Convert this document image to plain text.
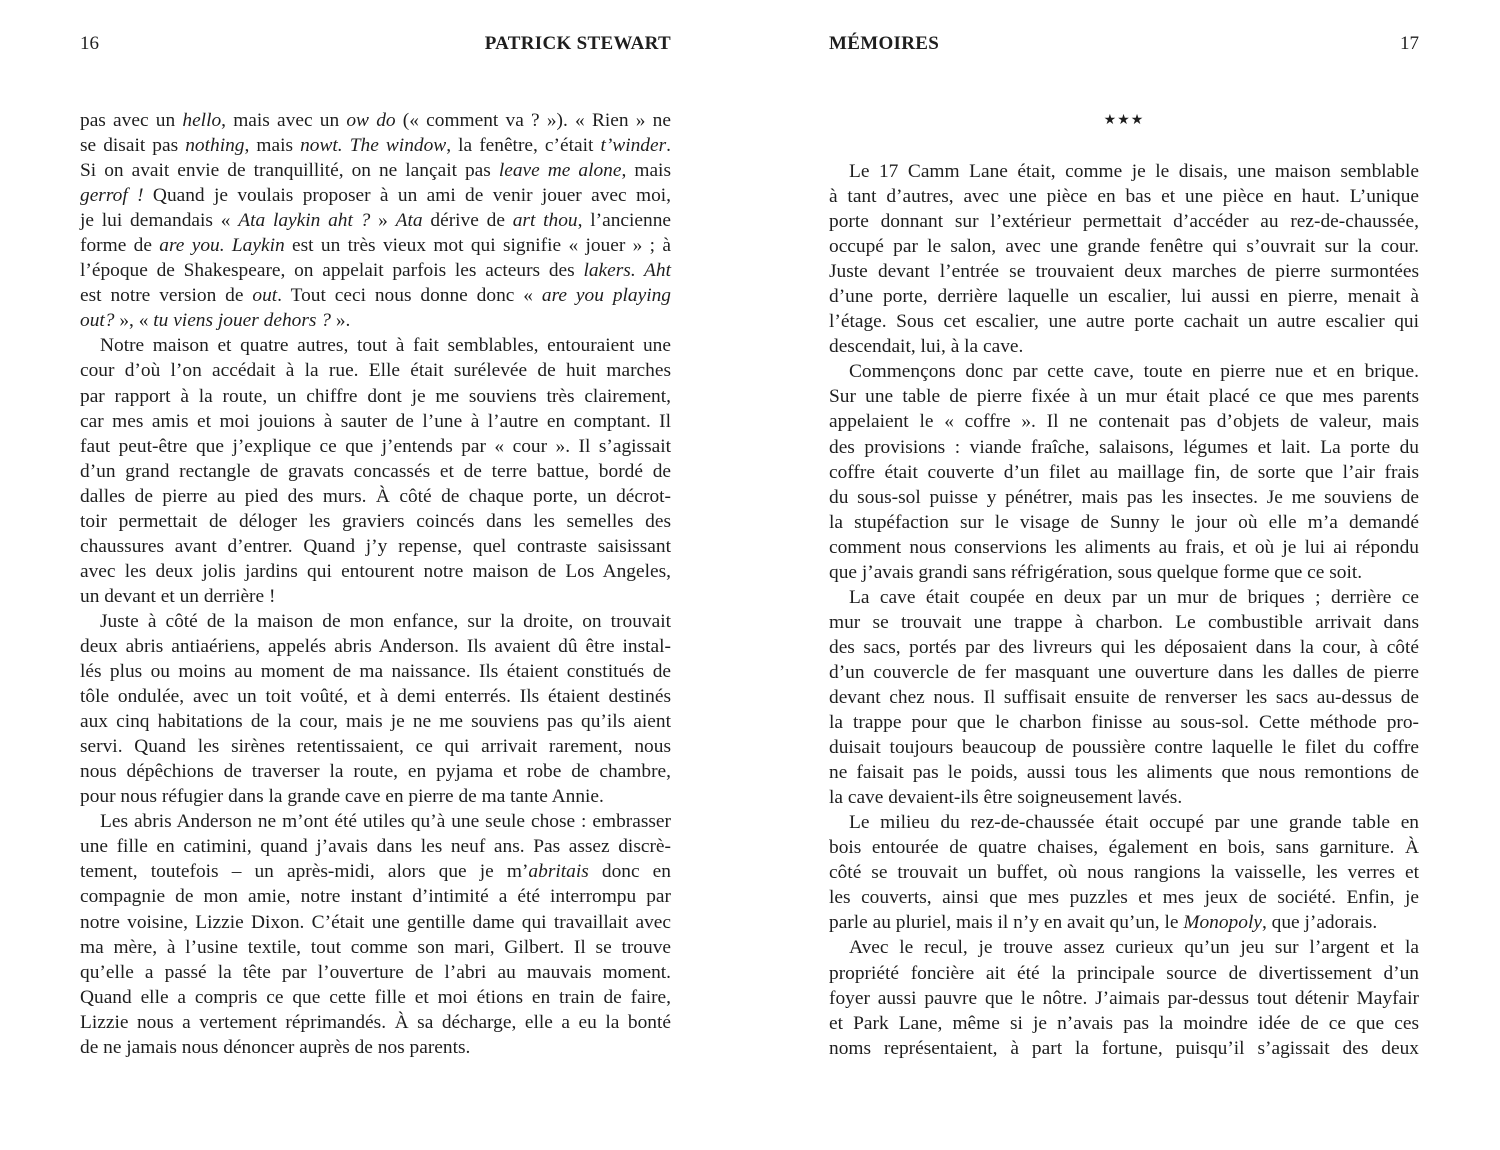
16	PATRICK STEWART
pas avec un hello, mais avec un ow do (« comment va ? »). « Rien » ne
se disait pas nothing, mais nowt. The window, la fenêtre, c’était t’winder.
Si on avait envie de tranquillité, on ne lançait pas leave me alone, mais
gerrof ! Quand je voulais proposer à un ami de venir jouer avec moi,
je lui demandais « Ata laykin aht ? » Ata dérive de art thou, l’ancienne
forme de are you. Laykin est un très vieux mot qui signifie « jouer » ; à
l’époque de Shakespeare, on appelait parfois les acteurs des lakers. Aht
est notre version de out. Tout ceci nous donne donc « are you playing
out? », « tu viens jouer dehors ? ».
Notre maison et quatre autres, tout à fait semblables, entouraient une
cour d’où l’on accédait à la rue. Elle était surélevée de huit marches
par rapport à la route, un chiffre dont je me souviens très clairement,
car mes amis et moi jouions à sauter de l’une à l’autre en comptant. Il
faut peut-être que j’explique ce que j’entends par « cour ». Il s’agissait
d’un grand rectangle de gravats concassés et de terre battue, bordé de
dalles de pierre au pied des murs. À côté de chaque porte, un décrot-
toir permettait de déloger les graviers coincés dans les semelles des
chaussures avant d’entrer. Quand j’y repense, quel contraste saisissant
avec les deux jolis jardins qui entourent notre maison de Los Angeles,
un devant et un derrière !
Juste à côté de la maison de mon enfance, sur la droite, on trouvait
deux abris antiaériens, appelés abris Anderson. Ils avaient dû être instal-
lés plus ou moins au moment de ma naissance. Ils étaient constitués de
tôle ondulée, avec un toit voûté, et à demi enterrés. Ils étaient destinés
aux cinq habitations de la cour, mais je ne me souviens pas qu’ils aient
servi. Quand les sirènes retentissaient, ce qui arrivait rarement, nous
nous dépêchions de traverser la route, en pyjama et robe de chambre,
pour nous réfugier dans la grande cave en pierre de ma tante Annie.
Les abris Anderson ne m’ont été utiles qu’à une seule chose : embrasser
une fille en catimini, quand j’avais dans les neuf ans. Pas assez discrè-
tement, toutefois – un après-midi, alors que je m’abritais donc en
compagnie de mon amie, notre instant d’intimité a été interrompu par
notre voisine, Lizzie Dixon. C’était une gentille dame qui travaillait avec
ma mère, à l’usine textile, tout comme son mari, Gilbert. Il se trouve
qu’elle a passé la tête par l’ouverture de l’abri au mauvais moment.
Quand elle a compris ce que cette fille et moi étions en train de faire,
Lizzie nous a vertement réprimandés. À sa décharge, elle a eu la bonté
de ne jamais nous dénoncer auprès de nos parents.
MÉMOIRES	17
★★★
Le 17 Camm Lane était, comme je le disais, une maison semblable
à tant d’autres, avec une pièce en bas et une pièce en haut. L’unique
porte donnant sur l’extérieur permettait d’accéder au rez-de-chaussée,
occupé par le salon, avec une grande fenêtre qui s’ouvrait sur la cour.
Juste devant l’entrée se trouvaient deux marches de pierre surmontées
d’une porte, derrière laquelle un escalier, lui aussi en pierre, menait à
l’étage. Sous cet escalier, une autre porte cachait un autre escalier qui
descendait, lui, à la cave.
Commençons donc par cette cave, toute en pierre nue et en brique.
Sur une table de pierre fixée à un mur était placé ce que mes parents
appelaient le « coffre ». Il ne contenait pas d’objets de valeur, mais
des provisions : viande fraîche, salaisons, légumes et lait. La porte du
coffre était couverte d’un filet au maillage fin, de sorte que l’air frais
du sous-sol puisse y pénétrer, mais pas les insectes. Je me souviens de
la stupéfaction sur le visage de Sunny le jour où elle m’a demandé
comment nous conservions les aliments au frais, et où je lui ai répondu
que j’avais grandi sans réfrigération, sous quelque forme que ce soit.
La cave était coupée en deux par un mur de briques ; derrière ce
mur se trouvait une trappe à charbon. Le combustible arrivait dans
des sacs, portés par des livreurs qui les déposaient dans la cour, à côté
d’un couvercle de fer masquant une ouverture dans les dalles de pierre
devant chez nous. Il suffisait ensuite de renverser les sacs au-dessus de
la trappe pour que le charbon finisse au sous-sol. Cette méthode pro-
duisait toujours beaucoup de poussière contre laquelle le filet du coffre
ne faisait pas le poids, aussi tous les aliments que nous remontions de
la cave devaient-ils être soigneusement lavés.
Le milieu du rez-de-chaussée était occupé par une grande table en
bois entourée de quatre chaises, également en bois, sans garniture. À
côté se trouvait un buffet, où nous rangions la vaisselle, les verres et
les couverts, ainsi que mes puzzles et mes jeux de société. Enfin, je
parle au pluriel, mais il n’y en avait qu’un, le Monopoly, que j’adorais.
Avec le recul, je trouve assez curieux qu’un jeu sur l’argent et la
propriété foncière ait été la principale source de divertissement d’un
foyer aussi pauvre que le nôtre. J’aimais par-dessus tout détenir Mayfair
et Park Lane, même si je n’avais pas la moindre idée de ce que ces
noms représentaient, à part la fortune, puisqu’il s’agissait des deux
